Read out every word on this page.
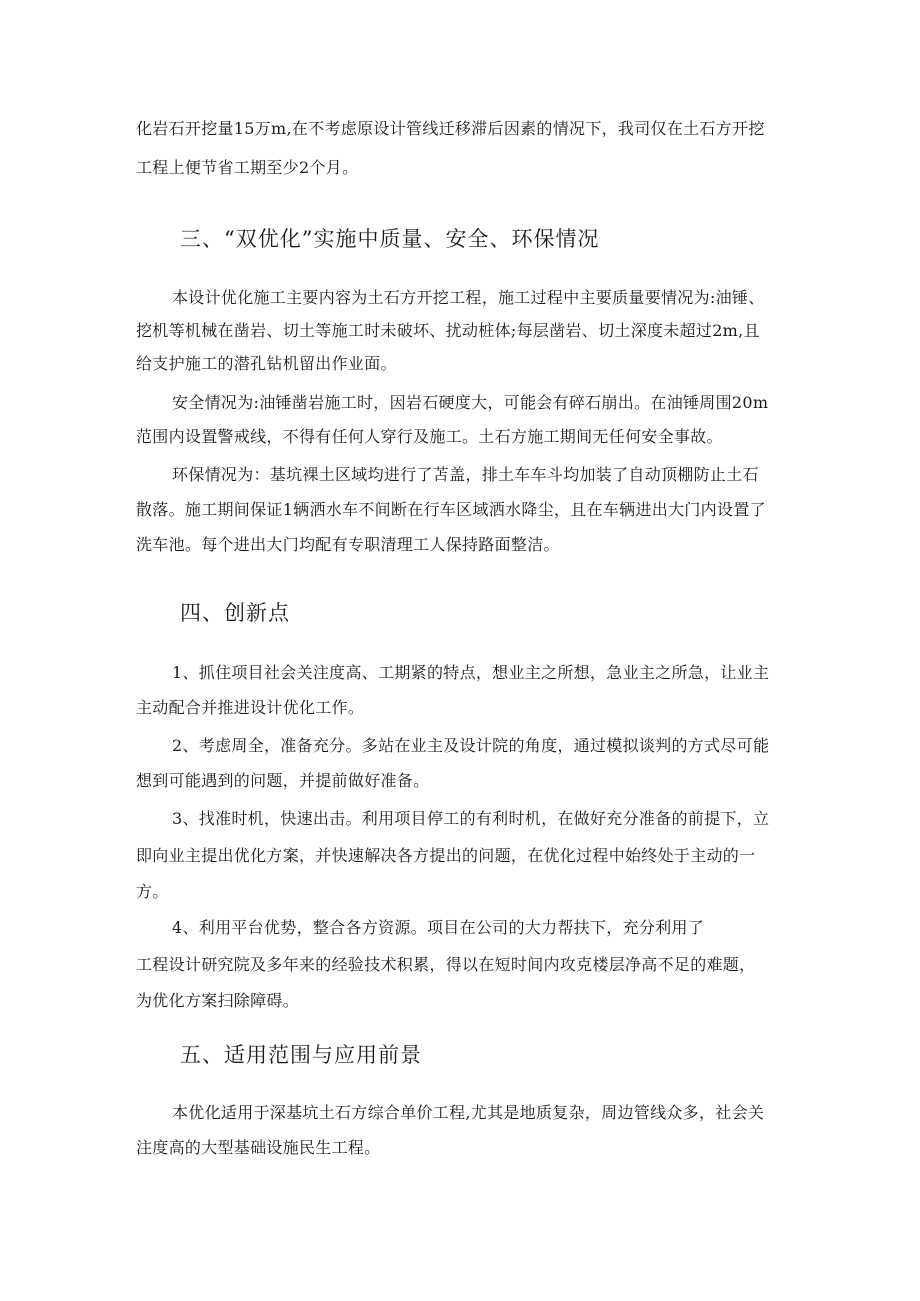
化岩石开挖量15万m,在不考虑原设计管线迁移滞后因素的情况下，我司仅在土石方开挖
工程上便节省工期至少2个月。
三、“双优化”实施中质量、安全、环保情况
本设计优化施工主要内容为土石方开挖工程，施工过程中主要质量要情况为:油锤、
挖机等机械在凿岩、切土等施工时未破坏、扰动桩体;每层凿岩、切土深度未超过2m,且
给支护施工的潜孔钻机留出作业面。
安全情况为:油锤凿岩施工时，因岩石硬度大，可能会有碎石崩出。在油锤周围20m
范围内设置警戒线，不得有任何人穿行及施工。土石方施工期间无任何安全事故。
环保情况为：基坑裸土区域均进行了苫盖，排土车车斗均加装了自动顶棚防止土石
散落。施工期间保证1辆洒水车不间断在行车区域洒水降尘，且在车辆进出大门内设置了
洗车池。每个进出大门均配有专职清理工人保持路面整洁。
四、创新点
1、抓住项目社会关注度高、工期紧的特点，想业主之所想，急业主之所急，让业主
主动配合并推进设计优化工作。
2、考虑周全，准备充分。多站在业主及设计院的角度，通过模拟谈判的方式尽可能
想到可能遇到的问题，并提前做好准备。
3、找准时机，快速出击。利用项目停工的有利时机，在做好充分准备的前提下，立
即向业主提出优化方案，并快速解决各方提出的问题，在优化过程中始终处于主动的一
方。
4、利用平台优势，整合各方资源。项目在公司的大力帮扶下，充分利用了
工程设计研究院及多年来的经验技术积累，得以在短时间内攻克楼层净高不足的难题，
为优化方案扫除障碍。
五、适用范围与应用前景
本优化适用于深基坑土石方综合单价工程,尤其是地质复杂，周边管线众多，社会关
注度高的大型基础设施民生工程。
